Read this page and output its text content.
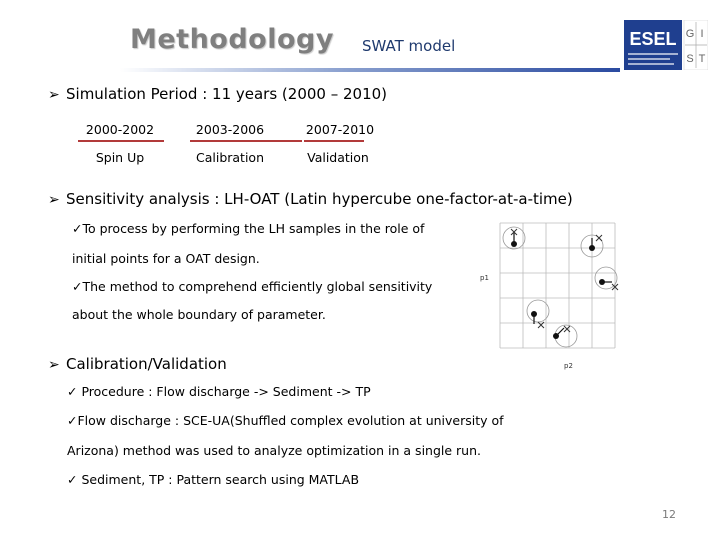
Methodology SWAT model	ESEL G I
S T
➢ Simulation Period : 11 years (2000 – 2010)
2000-2002
Spin Up
2003-2006
Calibration
2007-2010
Validation
➢ Sensitivity analysis : LH-OAT (Latin hypercube one-factor-at-a-time)
✓To process by performing the LH samples in the role of
initial points for a OAT design.
✓The method to comprehend efficiently global sensitivity
about the whole boundary of parameter.
p1
p2
➢ Calibration/Validation
✓ Procedure : Flow discharge -> Sediment -> TP
✓Flow discharge : SCE-UA(Shuffled complex evolution at university of
Arizona) method was used to analyze optimization in a single run.
✓ Sediment, TP : Pattern search using MATLAB
12
